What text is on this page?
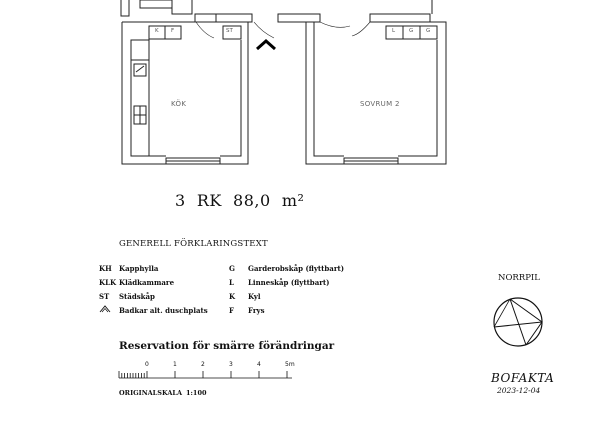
KÖK	SOVRUM 2
K F	ST	L	G G
3 RK 88,0 m²
GENERELL FÖRKLARINGSTEXT
KH Kapphylla
KLK Klädkammare
ST Städskåp
Badkar alt. duschplats
G Garderobskåp (flyttbart)
L Linneskåp (flyttbart)
K Kyl
F Frys
Reservation för smärre förändringar
0	1	2	3	4	5m
ORIGINALSKALA 1:100
NORRPIL
BOFAKTA
2023-12-04
